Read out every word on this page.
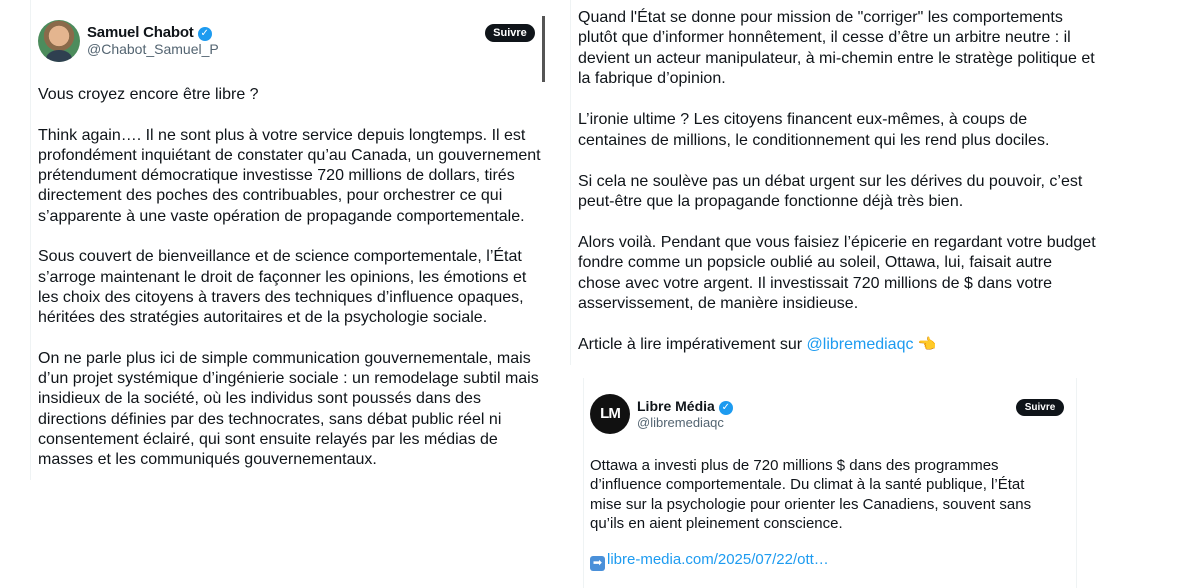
Samuel Chabot ✓
@Chabot_Samuel_P
Suivre

Vous croyez encore être libre ?

Think again…. Il ne sont plus à votre service depuis longtemps. Il est profondément inquiétant de constater qu’au Canada, un gouvernement prétendument démocratique investisse 720 millions de dollars, tirés directement des poches des contribuables, pour orchestrer ce qui s’apparente à une vaste opération de propagande comportementale.

Sous couvert de bienveillance et de science comportementale, l’État s’arroge maintenant le droit de façonner les opinions, les émotions et les choix des citoyens à travers des techniques d’influence opaques, héritées des stratégies autoritaires et de la psychologie sociale.

On ne parle plus ici de simple communication gouvernementale, mais d’un projet systémique d’ingénierie sociale : un remodelage subtil mais insidieux de la société, où les individus sont poussés dans des directions définies par des technocrates, sans débat public réel ni consentement éclairé, qui sont ensuite relayés par les médias de masses et les communiqués gouvernementaux.

Quand l'État se donne pour mission de "corriger" les comportements plutôt que d’informer honnêtement, il cesse d’être un arbitre neutre : il devient un acteur manipulateur, à mi-chemin entre le stratège politique et la fabrique d’opinion.

L’ironie ultime ? Les citoyens financent eux-mêmes, à coups de centaines de millions, le conditionnement qui les rend plus dociles.

Si cela ne soulève pas un débat urgent sur les dérives du pouvoir, c’est peut-être que la propagande fonctionne déjà très bien.

Alors voilà. Pendant que vous faisiez l’épicerie en regardant votre budget fondre comme un popsicle oublié au soleil, Ottawa, lui, faisait autre chose avec votre argent. Il investissait 720 millions de $ dans votre asservissement, de manière insidieuse.

Article à lire impérativement sur @libremediaqc 👈

LM	Libre Média ✓
@libremediaqc
Suivre
Ottawa a investi plus de 720 millions $ dans des programmes d’influence comportementale. Du climat à la santé publique, l’État mise sur la psychologie pour orienter les Canadiens, souvent sans qu’ils en aient pleinement conscience.
➡ libre-media.com/2025/07/22/ott…
